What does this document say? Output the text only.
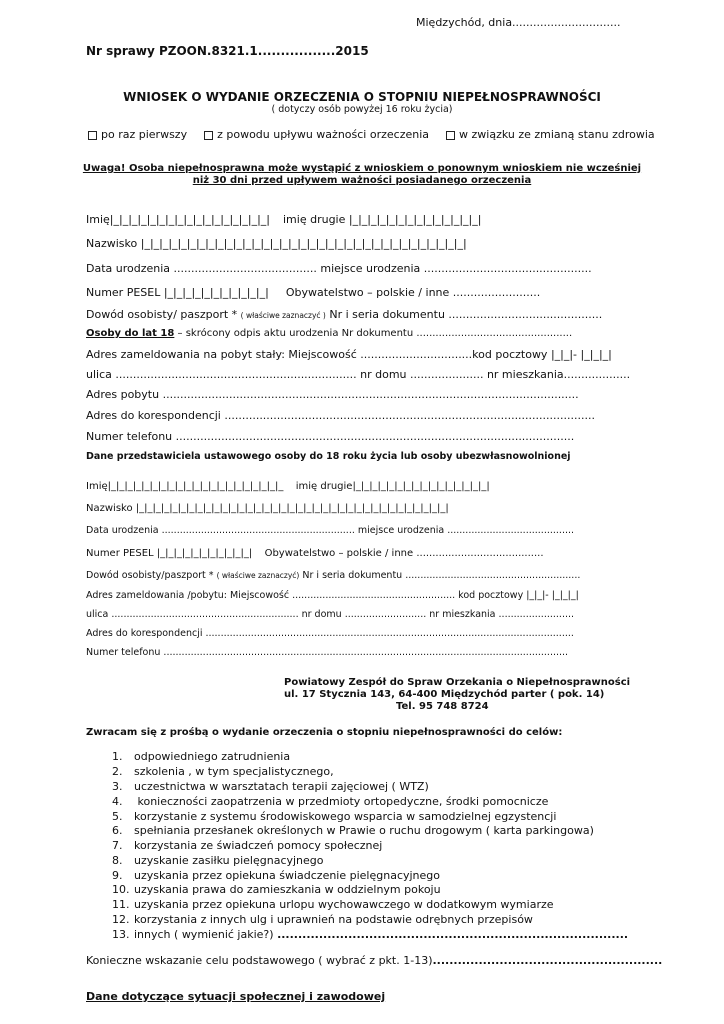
Międzychód, dnia...............................
Nr sprawy PZOON.8321.1.................2015
WNIOSEK O WYDANIE ORZECZENIA O STOPNIU NIEPEŁNOSPRAWNOŚCI
( dotyczy osób powyżej 16 roku życia)
po raz pierwszy	z powodu upływu ważności orzeczenia	w związku ze zmianą stanu zdrowia
Uwaga! Osoba niepełnosprawna może wystąpić z wnioskiem o ponownym wnioskiem nie wcześniej
niż 30 dni przed upływem ważności posiadanego orzeczenia
Imię|_|_|_|_|_|_|_|_|_|_|_|_|_|_|_|_|_| imię drugie |_|_|_|_|_|_|_|_|_|_|_|_|_|_|
Nazwisko |_|_|_|_|_|_|_|_|_|_|_|_|_|_|_|_|_|_|_|_|_|_|_|_|_|_|_|_|_|_|_|_|_|_|_|
Data urodzenia ......................................... miejsce urodzenia ................................................
Numer PESEL |_|_|_|_|_|_|_|_|_|_|_| Obywatelstwo – polskie / inne .........................
Dowód osobisty/ paszport * ( właściwe zaznaczyć ) Nr i seria dokumentu ............................................
Osoby do lat 18 – skrócony odpis aktu urodzenia Nr dokumentu .................................................
Adres zameldowania na pobyt stały: Miejscowość ................................kod pocztowy |_|_|- |_|_|_|
ulica ..................................................................... nr domu ..................... nr mieszkania...................
Adres pobytu .......................................................................................................................
Adres do korespondencji ..........................................................................................................
Numer telefonu ..................................................................................................................
Dane przedstawiciela ustawowego osoby do 18 roku życia lub osoby ubezwłasnowolnionej
Imię|_|_|_|_|_|_|_|_|_|_|_|_|_|_|_|_|_|_|_|_|_ imię drugie|_|_|_|_|_|_|_|_|_|_|_|_|_|_|_|_|
Nazwisko |_|_|_|_|_|_|_|_|_|_|_|_|_|_|_|_|_|_|_|_|_|_|_|_|_|_|_|_|_|_|_|_|_|_|_|_|_|
Data urodzenia ................................................................ miejsce urodzenia ..........................................
Numer PESEL |_|_|_|_|_|_|_|_|_|_|_| Obywatelstwo – polskie / inne ........................................
Dowód osobisty/paszport * ( właściwe zaznaczyć) Nr i seria dokumentu ..........................................................
Adres zameldowania /pobytu: Miejscowość ...................................................... kod pocztowy |_|_|- |_|_|_|
ulica .............................................................. nr domu ........................... nr mieszkania .........................
Adres do korespondencji ..........................................................................................................................
Numer telefonu ......................................................................................................................................
Powiatowy Zespół do Spraw Orzekania o Niepełnosprawności
ul. 17 Stycznia 143, 64-400 Międzychód parter ( pok. 14)
Tel. 95 748 8724
Zwracam się z prośbą o wydanie orzeczenia o stopniu niepełnosprawności do celów:
1. odpowiedniego zatrudnienia
2. szkolenia , w tym specjalistycznego,
3. uczestnictwa w warsztatach terapii zajęciowej ( WTZ)
4. konieczności zaopatrzenia w przedmioty ortopedyczne, środki pomocnicze
5. korzystanie z systemu środowiskowego wsparcia w samodzielnej egzystencji
6. spełniania przesłanek określonych w Prawie o ruchu drogowym ( karta parkingowa)
7. korzystania ze świadczeń pomocy społecznej
8. uzyskanie zasiłku pielęgnacyjnego
9. uzyskania przez opiekuna świadczenie pielęgnacyjnego
10. uzyskania prawa do zamieszkania w oddzielnym pokoju
11. uzyskania przez opiekuna urlopu wychowawczego w dodatkowym wymiarze
12. korzystania z innych ulg i uprawnień na podstawie odrębnych przepisów
13. innych ( wymienić jakie?) ....................................................................................
Konieczne wskazanie celu podstawowego ( wybrać z pkt. 1-13).......................................................
Dane dotyczące sytuacji społecznej i zawodowej
